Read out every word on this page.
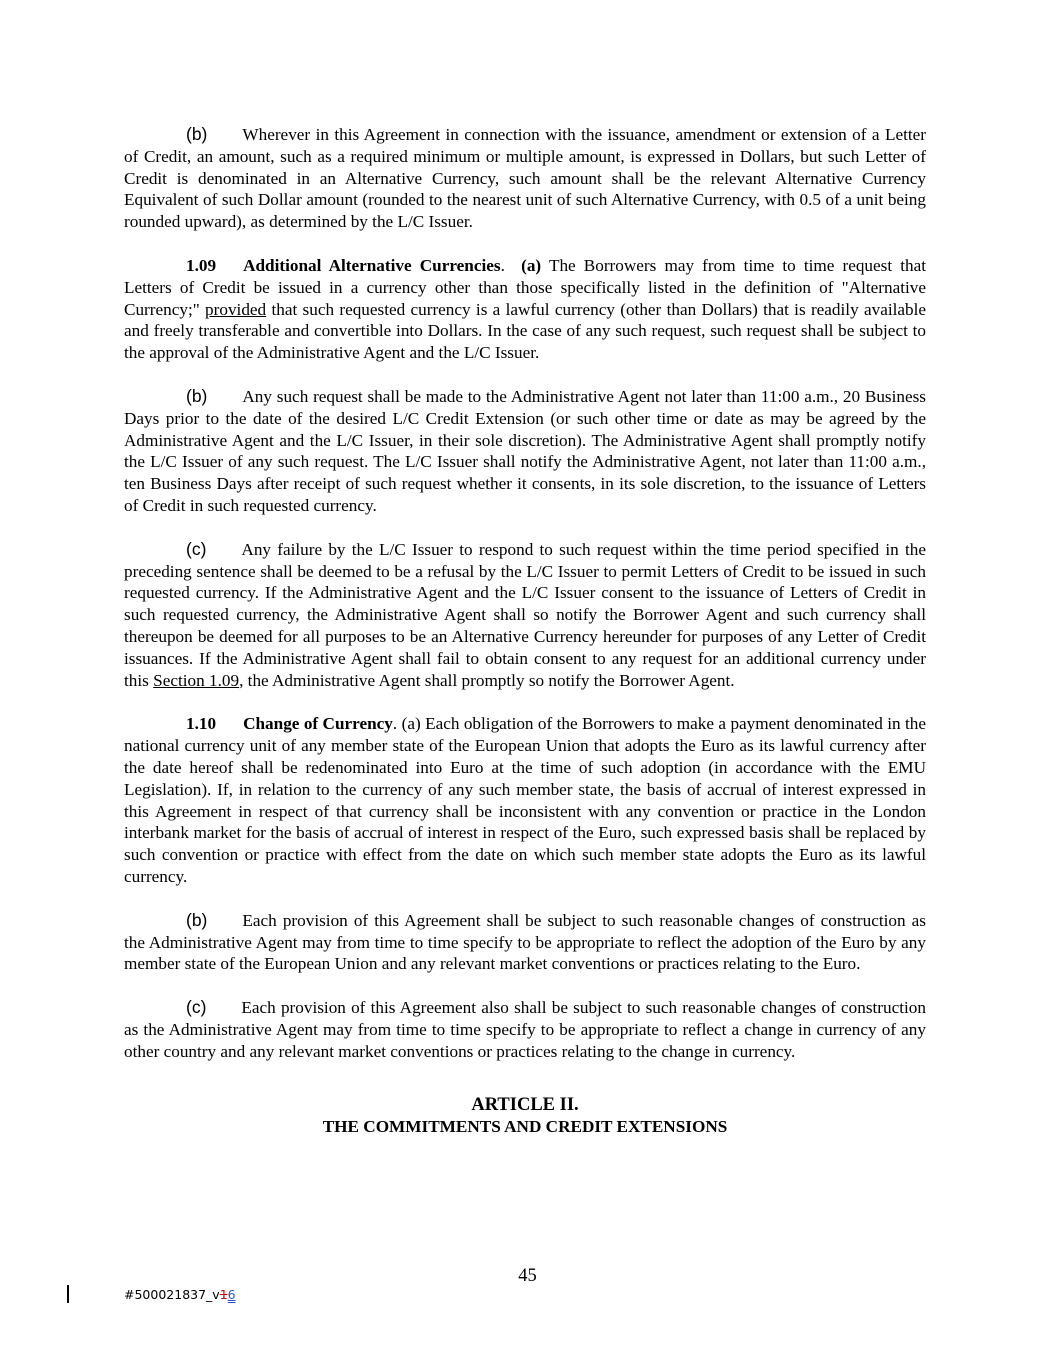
(b) Wherever in this Agreement in connection with the issuance, amendment or extension of a Letter of Credit, an amount, such as a required minimum or multiple amount, is expressed in Dollars, but such Letter of Credit is denominated in an Alternative Currency, such amount shall be the relevant Alternative Currency Equivalent of such Dollar amount (rounded to the nearest unit of such Alternative Currency, with 0.5 of a unit being rounded upward), as determined by the L/C Issuer.

1.09 Additional Alternative Currencies. (a) The Borrowers may from time to time request that Letters of Credit be issued in a currency other than those specifically listed in the definition of "Alternative Currency;" provided that such requested currency is a lawful currency (other than Dollars) that is readily available and freely transferable and convertible into Dollars. In the case of any such request, such request shall be subject to the approval of the Administrative Agent and the L/C Issuer.

(b) Any such request shall be made to the Administrative Agent not later than 11:00 a.m., 20 Business Days prior to the date of the desired L/C Credit Extension (or such other time or date as may be agreed by the Administrative Agent and the L/C Issuer, in their sole discretion). The Administrative Agent shall promptly notify the L/C Issuer of any such request. The L/C Issuer shall notify the Administrative Agent, not later than 11:00 a.m., ten Business Days after receipt of such request whether it consents, in its sole discretion, to the issuance of Letters of Credit in such requested currency.

(c) Any failure by the L/C Issuer to respond to such request within the time period specified in the preceding sentence shall be deemed to be a refusal by the L/C Issuer to permit Letters of Credit to be issued in such requested currency. If the Administrative Agent and the L/C Issuer consent to the issuance of Letters of Credit in such requested currency, the Administrative Agent shall so notify the Borrower Agent and such currency shall thereupon be deemed for all purposes to be an Alternative Currency hereunder for purposes of any Letter of Credit issuances. If the Administrative Agent shall fail to obtain consent to any request for an additional currency under this Section 1.09, the Administrative Agent shall promptly so notify the Borrower Agent.

1.10 Change of Currency. (a) Each obligation of the Borrowers to make a payment denominated in the national currency unit of any member state of the European Union that adopts the Euro as its lawful currency after the date hereof shall be redenominated into Euro at the time of such adoption (in accordance with the EMU Legislation). If, in relation to the currency of any such member state, the basis of accrual of interest expressed in this Agreement in respect of that currency shall be inconsistent with any convention or practice in the London interbank market for the basis of accrual of interest in respect of the Euro, such expressed basis shall be replaced by such convention or practice with effect from the date on which such member state adopts the Euro as its lawful currency.

(b) Each provision of this Agreement shall be subject to such reasonable changes of construction as the Administrative Agent may from time to time specify to be appropriate to reflect the adoption of the Euro by any member state of the European Union and any relevant market conventions or practices relating to the Euro.

(c) Each provision of this Agreement also shall be subject to such reasonable changes of construction as the Administrative Agent may from time to time specify to be appropriate to reflect a change in currency of any other country and any relevant market conventions or practices relating to the change in currency.

ARTICLE II.
THE COMMITMENTS AND CREDIT EXTENSIONS
45
#500021837_v16
